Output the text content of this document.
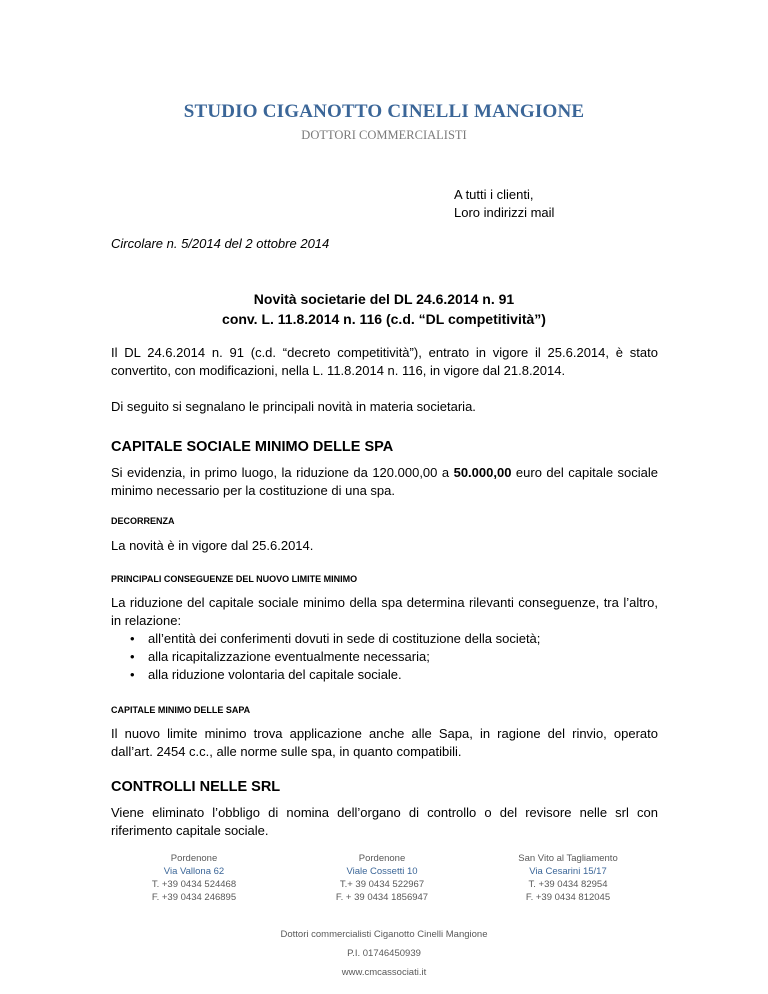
STUDIO CIGANOTTO CINELLI MANGIONE
DOTTORI COMMERCIALISTI
A tutti i clienti,
Loro indirizzi mail
Circolare n. 5/2014 del 2 ottobre 2014
Novità societarie del DL 24.6.2014 n. 91
conv. L. 11.8.2014 n. 116 (c.d. “DL competitività”)
Il DL 24.6.2014 n. 91 (c.d. “decreto competitività”), entrato in vigore il 25.6.2014, è stato convertito, con modificazioni, nella L. 11.8.2014 n. 116, in vigore dal 21.8.2014.
Di seguito si segnalano le principali novità in materia societaria.
CAPITALE SOCIALE MINIMO DELLE SPA
Si evidenzia, in primo luogo, la riduzione da 120.000,00 a 50.000,00 euro del capitale sociale minimo necessario per la costituzione di una spa.
DECORRENZA
La novità è in vigore dal 25.6.2014.
PRINCIPALI CONSEGUENZE DEL NUOVO LIMITE MINIMO
La riduzione del capitale sociale minimo della spa determina rilevanti conseguenze, tra l’altro, in relazione:
• all’entità dei conferimenti dovuti in sede di costituzione della società;
• alla ricapitalizzazione eventualmente necessaria;
• alla riduzione volontaria del capitale sociale.
CAPITALE MINIMO DELLE SAPA
Il nuovo limite minimo trova applicazione anche alle Sapa, in ragione del rinvio, operato dall’art. 2454 c.c., alle norme sulle spa, in quanto compatibili.
CONTROLLI NELLE SRL
Viene eliminato l’obbligo di nomina dell’organo di controllo o del revisore nelle srl con riferimento capitale sociale.
Pordenone
Via Vallona 62
T. +39 0434 524468
F. +39 0434 246895
Pordenone
Viale Cossetti 10
T.+ 39 0434 522967
F. + 39 0434 1856947
San Vito al Tagliamento
Via Cesarini 15/17
T. +39 0434 82954
F. +39 0434 812045
Dottori commercialisti Ciganotto Cinelli Mangione
P.I. 01746450939
www.cmcassociati.it
